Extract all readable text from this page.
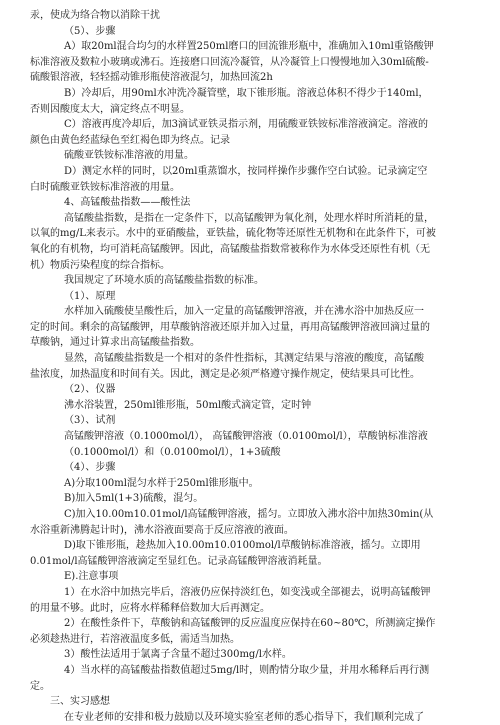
汞，使成为络合物以消除干扰
（5）、步骤
A）取20ml混合均匀的水样置250ml磨口的回流锥形瓶中，准确加入10ml重铬酸钾
标准溶液及数粒小玻璃或沸石。连接磨口回流冷凝管，从冷凝管上口慢慢地加入30ml硫酸-
硫酸银溶液，轻轻摇动锥形瓶使溶液混匀，加热回流2h
B）冷却后，用90ml水冲洗冷凝管壁，取下锥形瓶。溶液总体积不得少于140ml，
否则因酸度太大，滴定终点不明显。
C）溶液再度冷却后，加3滴试亚铁灵指示剂，用硫酸亚铁铵标准溶液滴定。溶液的
颜色由黄色经蓝绿色至红褐色即为终点。记录
硫酸亚铁铵标准溶液的用量。
D）测定水样的同时，以20ml重蒸馏水，按同样操作步骤作空白试验。记录滴定空
白时硫酸亚铁铵标准溶液的用量。
4、高锰酸盐指数——酸性法
高锰酸盐指数，是指在一定条件下，以高锰酸钾为氧化剂，处理水样时所消耗的量，
以氧的mg/L来表示。水中的亚硝酸盐，亚铁盐，硫化物等还原性无机物和在此条件下，可被
氧化的有机物，均可消耗高锰酸钾。因此，高锰酸盐指数常被称作为水体受还原性有机（无
机）物质污染程度的综合指标。
我国规定了环境水质的高锰酸盐指数的标准。
（1）、原理
水样加入硫酸使呈酸性后，加入一定量的高锰酸钾溶液，并在沸水浴中加热反应一
定的时间。剩余的高锰酸钾，用草酸钠溶液还原并加入过量，再用高锰酸钾溶液回滴过量的
草酸钠，通过计算求出高锰酸盐指数。
显然，高锰酸盐指数是一个相对的条件性指标，其测定结果与溶液的酸度，高锰酸
盐浓度，加热温度和时间有关。因此，测定是必须严格遵守操作规定，使结果具可比性。
（2）、仪器
沸水浴装置，250ml锥形瓶，50ml酸式滴定管，定时钟
（3）、试剂
高锰酸钾溶液（0.1000mol/l）， 高锰酸钾溶液（0.0100mol/l），草酸钠标准溶液
（0.1000mol/l）和（0.0100mol/l），1+3硫酸
（4）、步骤
A)分取100ml混匀水样于250ml锥形瓶中。
B)加入5ml(1+3)硫酸，混匀。
C)加入10.00m10.01mol/l高锰酸钾溶液，摇匀。立即放入沸水浴中加热30min(从
水浴重新沸腾起计时)，沸水浴液面要高于反应溶液的液面。
D)取下锥形瓶，趁热加入10.00m10.0100mol/l草酸钠标准溶液，摇匀。立即用
0.01mol/l高锰酸钾溶液滴定至显红色。记录高锰酸钾溶液消耗量。
E).注意事项
1）在水浴中加热完毕后，溶液仍应保持淡红色，如变浅或全部褪去，说明高锰酸钾
的用量不够。此时，应将水样稀释倍数加大后再测定。
2）在酸性条件下，草酸钠和高锰酸钾的反应温度应保持在60~80℃，所测滴定操作
必须趁热进行，若溶液温度多低，需适当加热。
3）酸性法适用于氯离子含量不超过300mg/l水样。
4）当水样的高锰酸盐指数值超过5mg/l时，则酌情分取少量，并用水稀释后再行测
定。
三、实习感想
在专业老师的安排和极力鼓励以及环境实验室老师的悉心指导下，我们顺利完成了
